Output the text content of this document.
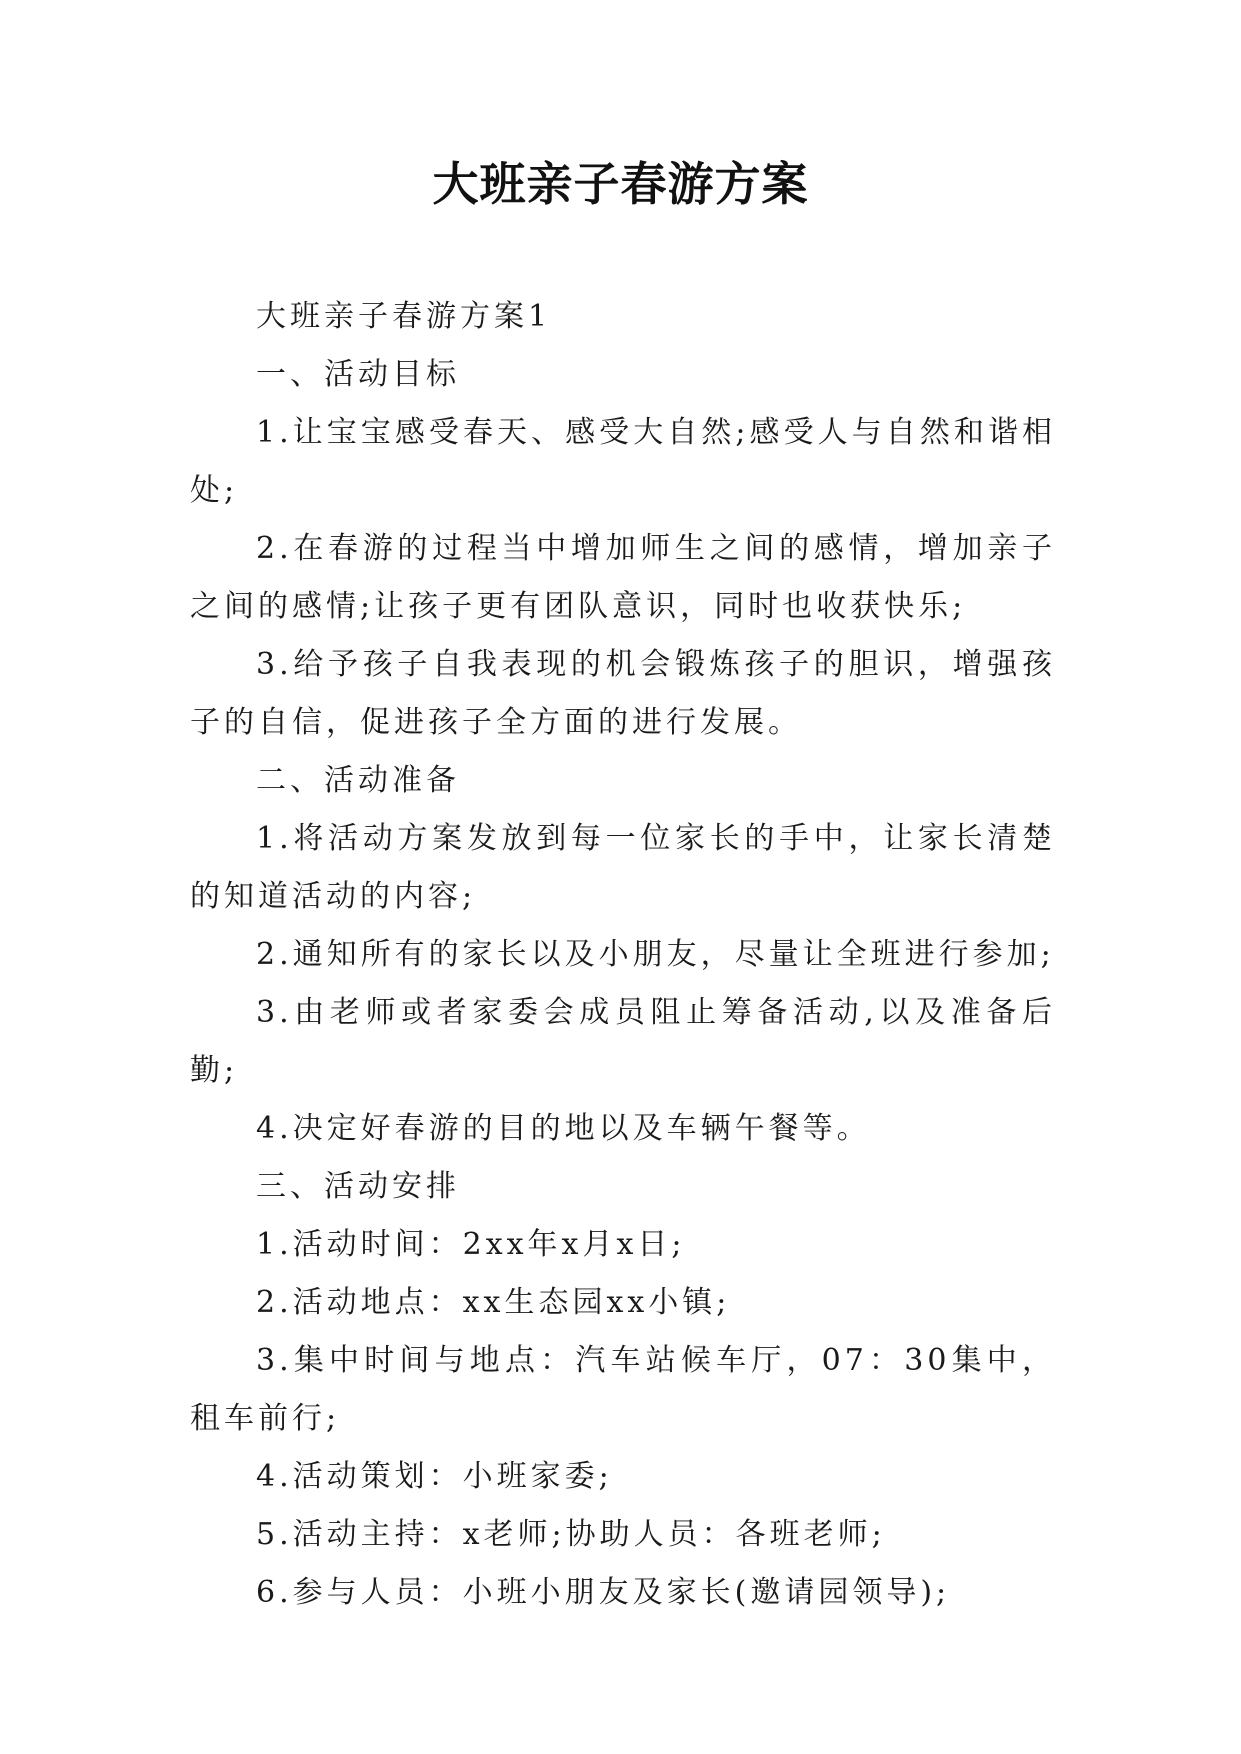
大班亲子春游方案

大班亲子春游方案1

一、活动目标

1.让宝宝感受春天、感受大自然;感受人与自然和谐相处;

2.在春游的过程当中增加师生之间的感情，增加亲子之间的感情;让孩子更有团队意识，同时也收获快乐;

3.给予孩子自我表现的机会锻炼孩子的胆识，增强孩子的自信，促进孩子全方面的进行发展。

二、活动准备

1.将活动方案发放到每一位家长的手中，让家长清楚的知道活动的内容;

2.通知所有的家长以及小朋友，尽量让全班进行参加;

3.由老师或者家委会成员阻止筹备活动,以及准备后勤;

4.决定好春游的目的地以及车辆午餐等。

三、活动安排

1.活动时间：2xx年x月x日;

2.活动地点：xx生态园xx小镇;

3.集中时间与地点：汽车站候车厅，07：30集中，租车前行;

4.活动策划：小班家委;

5.活动主持：x老师;协助人员：各班老师;

6.参与人员：小班小朋友及家长(邀请园领导);
